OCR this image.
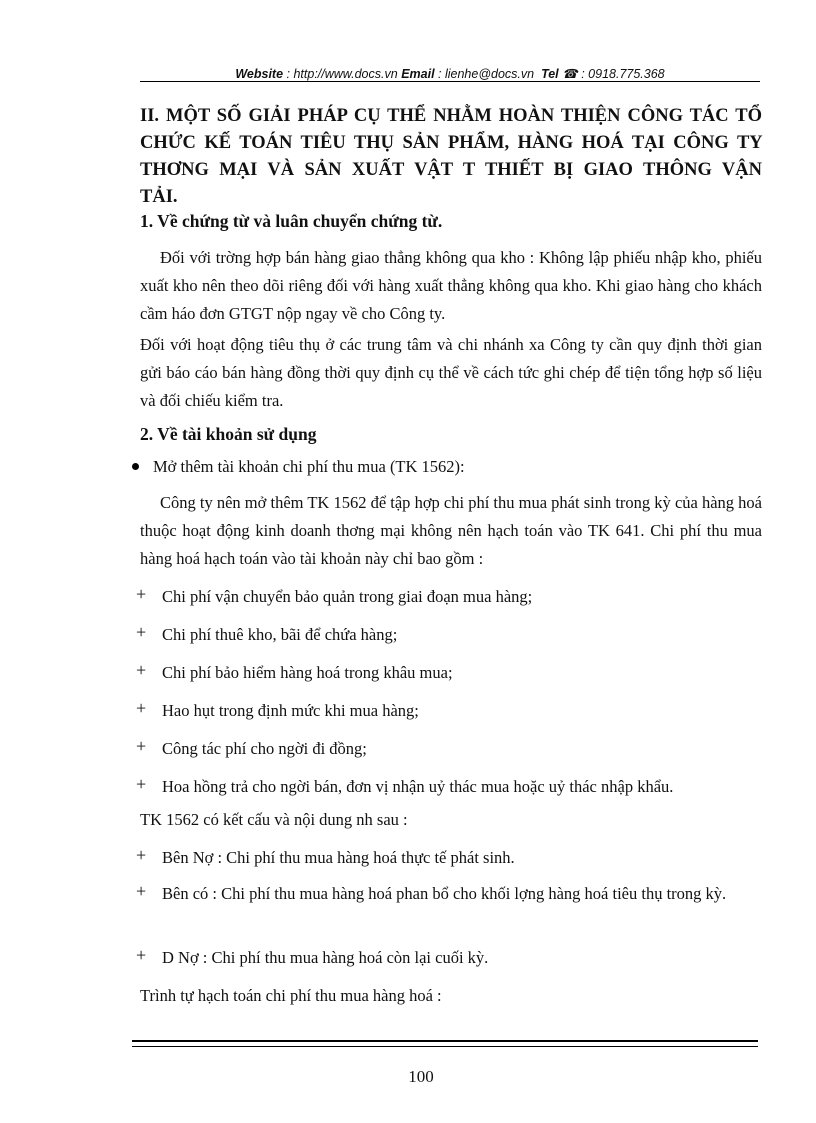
Website : http://www.docs.vn Email : lienhe@docs.vn Tel ☎ : 0918.775.368
II. MỘT SỐ GIẢI PHÁP CỤ THỂ NHẰM HOÀN THIỆN CÔNG TÁC TỔ CHỨC KẾ TOÁN TIÊU THỤ SẢN PHẨM, HÀNG HOÁ TẠI CÔNG TY THƠNG MẠI VÀ SẢN XUẤT VẬT T THIẾT BỊ GIAO THÔNG VẬN
TẢI.
1. Về chứng từ và luân chuyển chứng từ.
Đối với trờng hợp bán hàng giao thẳng không qua kho : Không lập phiếu nhập kho, phiếu xuất kho nên theo dõi riêng đối với hàng xuất thẳng không qua kho. Khi giao hàng cho khách cầm háo đơn GTGT nộp ngay về cho Công ty.
Đối với hoạt động tiêu thụ ở các trung tâm và chi nhánh xa Công ty cần quy định thời gian gửi báo cáo bán hàng đồng thời quy định cụ thể về cách tức ghi chép để tiện tổng hợp số liệu và đối chiếu kiểm tra.
2. Về tài khoản sử dụng
Mở thêm tài khoản chi phí thu mua (TK 1562):
Công ty nên mở thêm TK 1562 để tập hợp chi phí thu mua phát sinh trong kỳ của hàng hoá thuộc hoạt động kinh doanh thơng mại không nên hạch toán vào TK 641. Chi phí thu mua hàng hoá hạch toán vào tài khoản này chỉ bao gồm :
+ Chi phí vận chuyển bảo quản trong giai đoạn mua hàng;
+ Chi phí thuê kho, bãi để chứa hàng;
+ Chi phí bảo hiểm hàng hoá trong khâu mua;
+ Hao hụt trong định mức khi mua hàng;
+ Công tác phí cho ngời đi đồng;
+ Hoa hồng trả cho ngời bán, đơn vị nhận uỷ thác mua hoặc uỷ thác nhập khẩu.
TK 1562 có kết cấu và nội dung nh sau :
+ Bên Nợ : Chi phí thu mua hàng hoá thực tế phát sinh.
+ Bên có : Chi phí thu mua hàng hoá phan bổ cho khối lợng hàng hoá tiêu thụ trong kỳ.
+ D Nợ : Chi phí thu mua hàng hoá còn lại cuối kỳ.
Trình tự hạch toán chi phí thu mua hàng hoá :
100
